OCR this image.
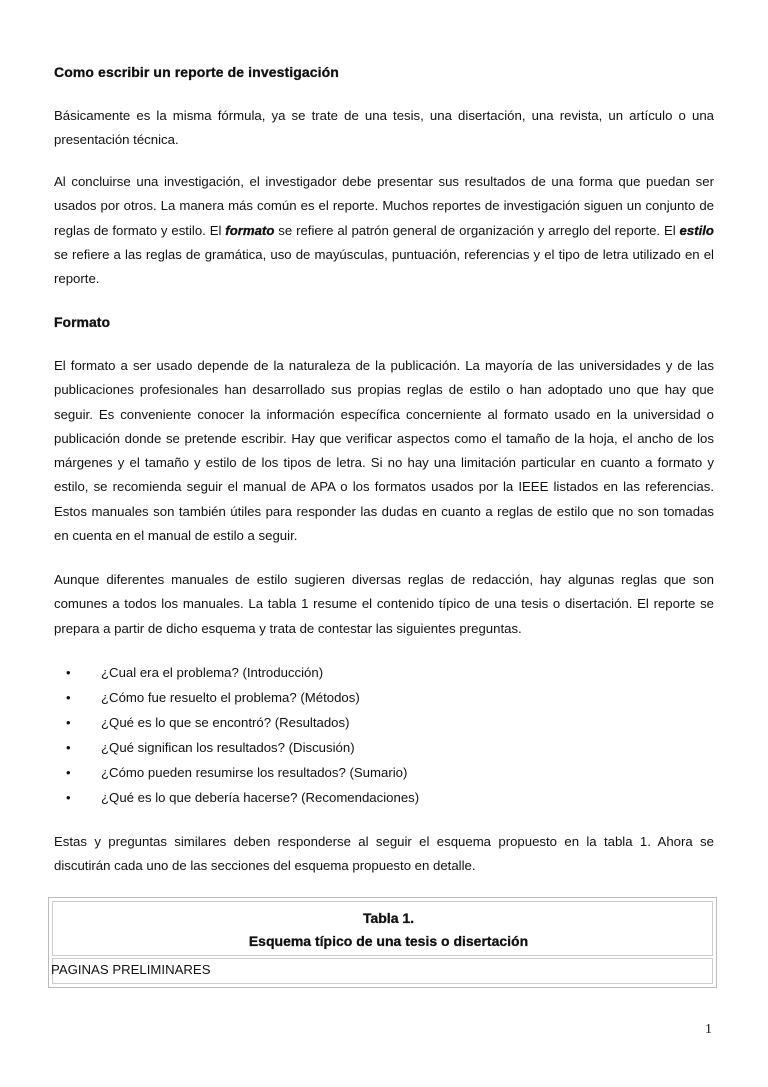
Como escribir un reporte de investigación
Básicamente es la misma fórmula, ya se trate de una tesis, una disertación, una revista, un artículo o una presentación técnica.
Al concluirse una investigación, el investigador debe presentar sus resultados de una forma que puedan ser usados por otros. La manera más común es el reporte. Muchos reportes de investigación siguen un conjunto de reglas de formato y estilo. El formato se refiere al patrón general de organización y arreglo del reporte. El estilo se refiere a las reglas de gramática, uso de mayúsculas, puntuación, referencias y el tipo de letra utilizado en el reporte.
Formato
El formato a ser usado depende de la naturaleza de la publicación. La mayoría de las universidades y de las publicaciones profesionales han desarrollado sus propias reglas de estilo o han adoptado uno que hay que seguir. Es conveniente conocer la información específica concerniente al formato usado en la universidad o publicación donde se pretende escribir. Hay que verificar aspectos como el tamaño de la hoja, el ancho de los márgenes y el tamaño y estilo de los tipos de letra. Si no hay una limitación particular en cuanto a formato y estilo, se recomienda seguir el manual de APA o los formatos usados por la IEEE listados en las referencias. Estos manuales son también útiles para responder las dudas en cuanto a reglas de estilo que no son tomadas en cuenta en el manual de estilo a seguir.
Aunque diferentes manuales de estilo sugieren diversas reglas de redacción, hay algunas reglas que son comunes a todos los manuales. La tabla 1 resume el contenido típico de una tesis o disertación. El reporte se prepara a partir de dicho esquema y trata de contestar las siguientes preguntas.
• ¿Cual era el problema? (Introducción)
• ¿Cómo fue resuelto el problema? (Métodos)
• ¿Qué es lo que se encontró? (Resultados)
• ¿Qué significan los resultados? (Discusión)
• ¿Cómo pueden resumirse los resultados? (Sumario)
• ¿Qué es lo que debería hacerse? (Recomendaciones)
Estas y preguntas similares deben responderse al seguir el esquema propuesto en la tabla 1. Ahora se discutirán cada uno de las secciones del esquema propuesto en detalle.
Tabla 1.
Esquema típico de una tesis o disertación
PAGINAS PRELIMINARES
1
